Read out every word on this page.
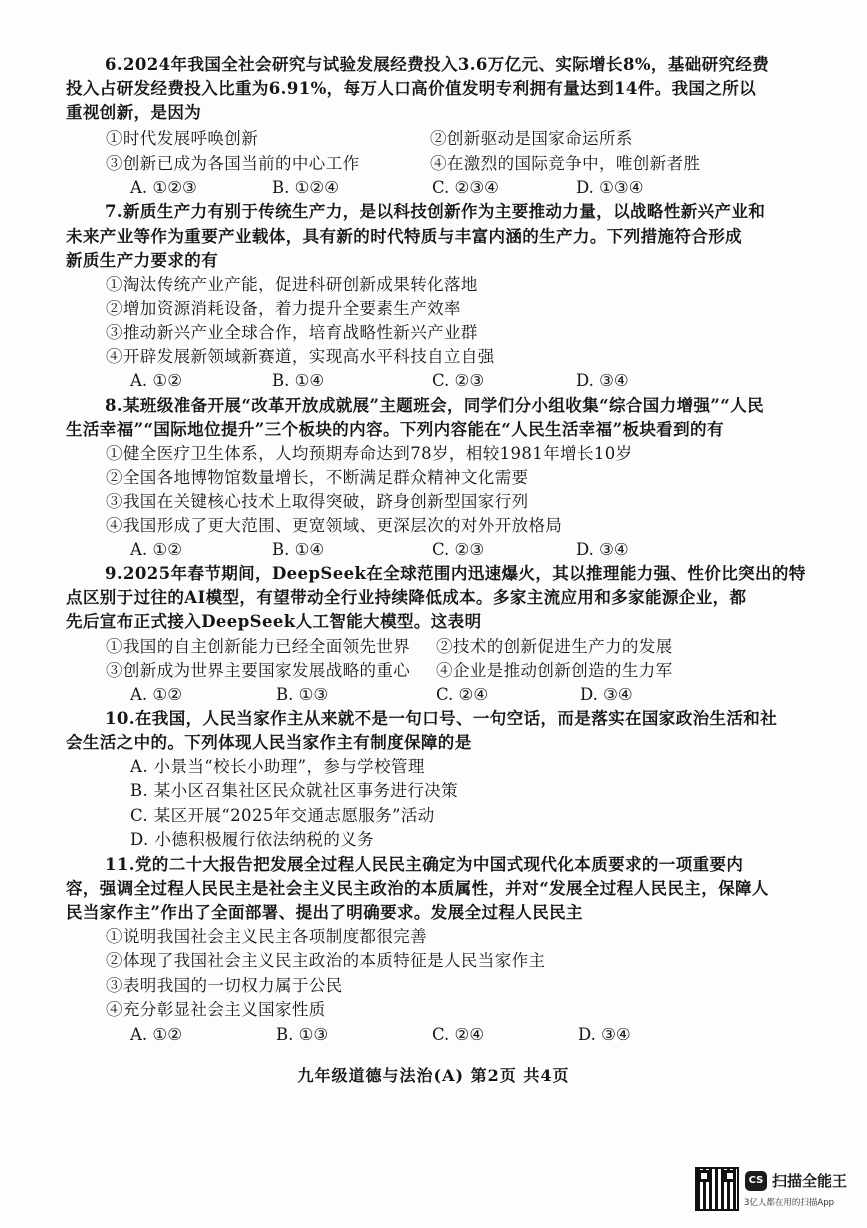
6.2024年我国全社会研究与试验发展经费投入3.6万亿元、实际增长8%，基础研究经费
投入占研发经费投入比重为6.91%，每万人口高价值发明专利拥有量达到14件。我国之所以
重视创新，是因为
①时代发展呼唤创新	②创新驱动是国家命运所系
③创新已成为各国当前的中心工作	④在激烈的国际竞争中，唯创新者胜
A. ①②③	B. ①②④	C. ②③④	D. ①③④
7.新质生产力有别于传统生产力，是以科技创新作为主要推动力量，以战略性新兴产业和
未来产业等作为重要产业载体，具有新的时代特质与丰富内涵的生产力。下列措施符合形成
新质生产力要求的有
①淘汰传统产业产能，促进科研创新成果转化落地
②增加资源消耗设备，着力提升全要素生产效率
③推动新兴产业全球合作，培育战略性新兴产业群
④开辟发展新领域新赛道，实现高水平科技自立自强
A. ①②	B. ①④	C. ②③	D. ③④
8.某班级准备开展“改革开放成就展”主题班会，同学们分小组收集“综合国力增强”“人民
生活幸福”“国际地位提升”三个板块的内容。下列内容能在“人民生活幸福”板块看到的有
①健全医疗卫生体系，人均预期寿命达到78岁，相较1981年增长10岁
②全国各地博物馆数量增长，不断满足群众精神文化需要
③我国在关键核心技术上取得突破，跻身创新型国家行列
④我国形成了更大范围、更宽领域、更深层次的对外开放格局
A. ①②	B. ①④	C. ②③	D. ③④
9.2025年春节期间，DeepSeek在全球范围内迅速爆火，其以推理能力强、性价比突出的特
点区别于过往的AI模型，有望带动全行业持续降低成本。多家主流应用和多家能源企业，都
先后宣布正式接入DeepSeek人工智能大模型。这表明
①我国的自主创新能力已经全面领先世界 ②技术的创新促进生产力的发展
③创新成为世界主要国家发展战略的重心 ④企业是推动创新创造的生力军
A. ①②	B. ①③	C. ②④	D. ③④
10.在我国，人民当家作主从来就不是一句口号、一句空话，而是落实在国家政治生活和社
会生活之中的。下列体现人民当家作主有制度保障的是
A. 小景当“校长小助理”，参与学校管理
B. 某小区召集社区民众就社区事务进行决策
C. 某区开展“2025年交通志愿服务”活动
D. 小德积极履行依法纳税的义务
11.党的二十大报告把发展全过程人民民主确定为中国式现代化本质要求的一项重要内
容，强调全过程人民民主是社会主义民主政治的本质属性，并对“发展全过程人民民主，保障人
民当家作主”作出了全面部署、提出了明确要求。发展全过程人民民主
①说明我国社会主义民主各项制度都很完善
②体现了我国社会主义民主政治的本质特征是人民当家作主
③表明我国的一切权力属于公民
④充分彰显社会主义国家性质
A. ①②	B. ①③	C. ②④	D. ③④
九年级道德与法治(A) 第2页 共4页
CS 扫描全能王
3亿人都在用的扫描App
